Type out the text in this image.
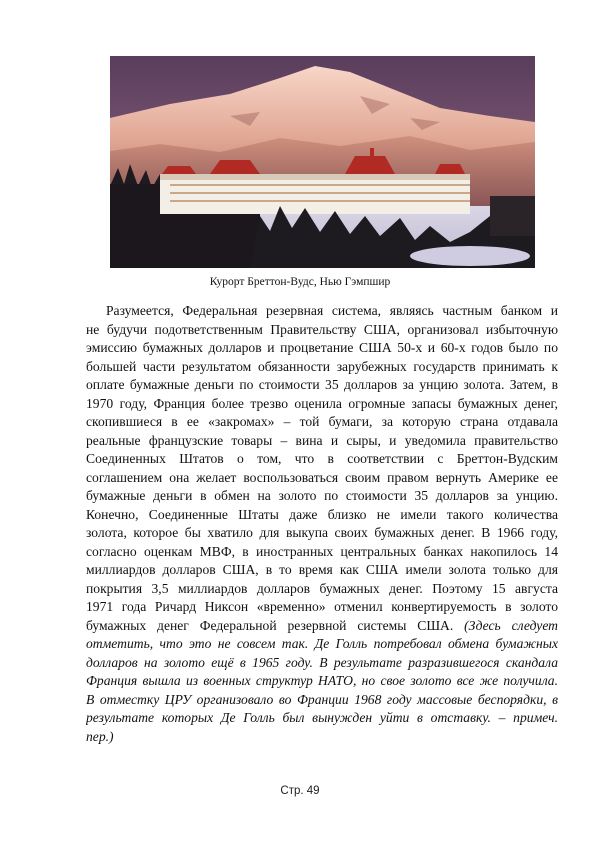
Курорт Бреттон-Вудс, Нью Гэмпшир
Разумеется, Федеральная резервная система, являясь частным банком и
не будучи подответственным Правительству США, организовал избыточную
эмиссию бумажных долларов и процветание США 50-х и 60-х годов было по
большей части результатом обязанности зарубежных государств принимать к
оплате бумажные деньги по стоимости 35 долларов за унцию золота. Затем, в
1970 году, Франция более трезво оценила огромные запасы бумажных денег,
скопившиеся в ее «закромах» – той бумаги, за которую страна отдавала
реальные французские товары – вина и сыры, и уведомила правительство
Соединенных Штатов о том, что в соответствии с Бреттон-Вудским
соглашением она желает воспользоваться своим правом вернуть Америке ее
бумажные деньги в обмен на золото по стоимости 35 долларов за унцию.
Конечно, Соединенные Штаты даже близко не имели такого количества
золота, которое бы хватило для выкупа своих бумажных денег. В 1966 году,
согласно оценкам МВФ, в иностранных центральных банках накопилось 14
миллиардов долларов США, в то время как США имели золота только для
покрытия 3,5 миллиардов долларов бумажных денег. Поэтому 15 августа
1971 года Ричард Никсон «временно» отменил конвертируемость в золото
бумажных денег Федеральной резервной системы США. (Здесь следует
отметить, что это не совсем так. Де Голль потребовал обмена бумажных
долларов на золото ещё в 1965 году. В результате разразившегося скандала
Франция вышла из военных структур НАТО, но свое золото все же получила.
В отместку ЦРУ организовало во Франции 1968 году массовые беспорядки, в
результате которых Де Голль был вынужден уйти в отставку. – примеч.
пер.)
Стр. 49
